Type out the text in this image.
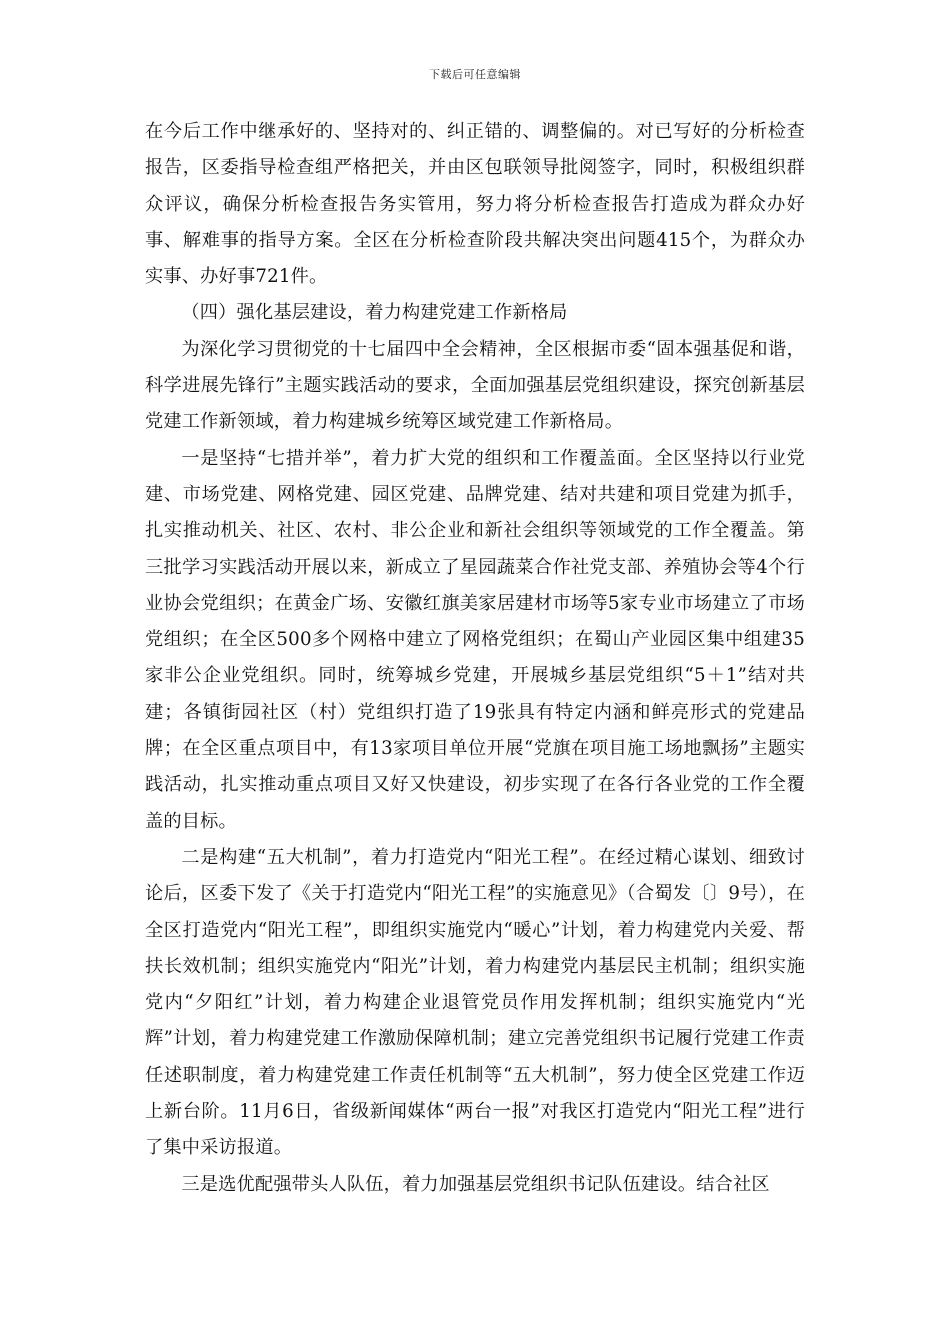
下载后可任意编辑

在今后工作中继承好的、坚持对的、纠正错的、调整偏的。对已写好的分析检查报告，区委指导检查组严格把关，并由区包联领导批阅签字，同时，积极组织群众评议，确保分析检查报告务实管用，努力将分析检查报告打造成为群众办好事、解难事的指导方案。全区在分析检查阶段共解决突出问题415个，为群众办实事、办好事721件。

（四）强化基层建设，着力构建党建工作新格局

为深化学习贯彻党的十七届四中全会精神，全区根据市委“固本强基促和谐，科学进展先锋行”主题实践活动的要求，全面加强基层党组织建设，探究创新基层党建工作新领域，着力构建城乡统筹区域党建工作新格局。

一是坚持“七措并举”，着力扩大党的组织和工作覆盖面。全区坚持以行业党建、市场党建、网格党建、园区党建、品牌党建、结对共建和项目党建为抓手，扎实推动机关、社区、农村、非公企业和新社会组织等领域党的工作全覆盖。第三批学习实践活动开展以来，新成立了星园蔬菜合作社党支部、养殖协会等4个行业协会党组织；在黄金广场、安徽红旗美家居建材市场等5家专业市场建立了市场党组织；在全区500多个网格中建立了网格党组织；在蜀山产业园区集中组建35家非公企业党组织。同时，统筹城乡党建，开展城乡基层党组织“5＋1”结对共建；各镇街园社区（村）党组织打造了19张具有特定内涵和鲜亮形式的党建品牌；在全区重点项目中，有13家项目单位开展“党旗在项目施工场地飘扬”主题实践活动，扎实推动重点项目又好又快建设，初步实现了在各行各业党的工作全覆盖的目标。

二是构建“五大机制”，着力打造党内“阳光工程”。在经过精心谋划、细致讨论后，区委下发了《关于打造党内“阳光工程”的实施意见》（合蜀发〔〕9号），在全区打造党内“阳光工程”，即组织实施党内“暖心”计划，着力构建党内关爱、帮扶长效机制；组织实施党内“阳光”计划，着力构建党内基层民主机制；组织实施党内“夕阳红”计划，着力构建企业退管党员作用发挥机制；组织实施党内“光辉”计划，着力构建党建工作激励保障机制；建立完善党组织书记履行党建工作责任述职制度，着力构建党建工作责任机制等“五大机制”，努力使全区党建工作迈上新台阶。11月6日，省级新闻媒体“两台一报”对我区打造党内“阳光工程”进行了集中采访报道。

三是选优配强带头人队伍，着力加强基层党组织书记队伍建设。结合社区
